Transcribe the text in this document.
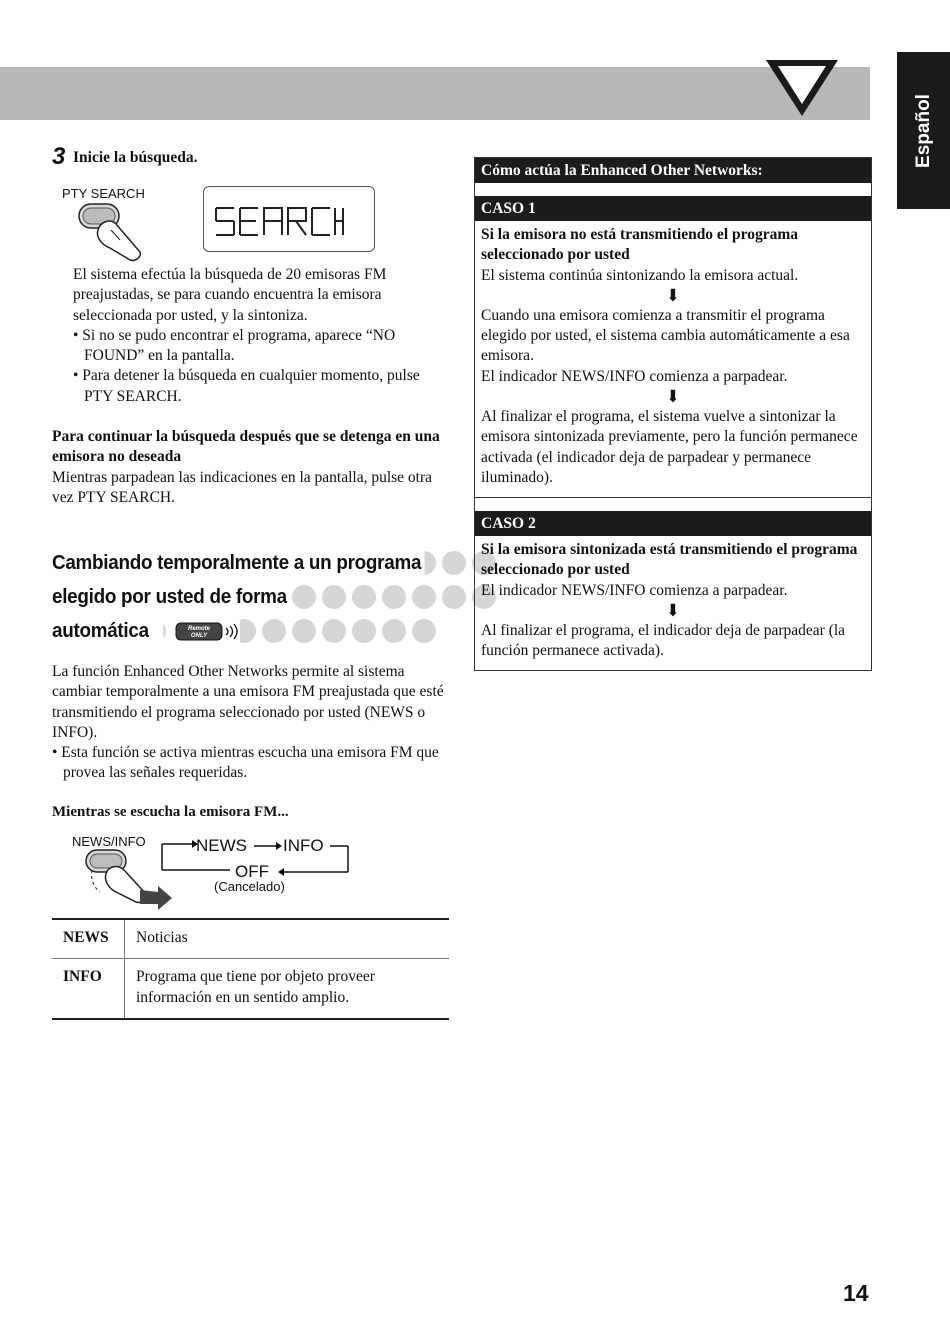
Español
3 Inicie la búsqueda.
PTY SEARCH

El sistema efectúa la búsqueda de 20 emisoras FM preajustadas, se para cuando encuentra la emisora seleccionada por usted, y la sintoniza.

• Si no se pudo encontrar el programa, aparece “NO FOUND” en la pantalla.

• Para detener la búsqueda en cualquier momento, pulse PTY SEARCH.

Para continuar la búsqueda después que se detenga en una emisora no deseada

Mientras parpadean las indicaciones en la pantalla, pulse otra vez PTY SEARCH.

Cambiando temporalmente a un programa
elegido por usted de forma
automática	Remote
ONLY

La función Enhanced Other Networks permite al sistema cambiar temporalmente a una emisora FM preajustada que esté transmitiendo el programa seleccionado por usted (NEWS o INFO).

• Esta función se activa mientras escucha una emisora FM que provea las señales requeridas.

Mientras se escucha la emisora FM...
NEWS/INFO	NEWS INFO
OFF
(Cancelado)
NEWS	Noticias
INFO	Programa que tiene por objeto proveer información en un sentido amplio.
Cómo actúa la Enhanced Other Networks:
CASO 1

Si la emisora no está transmitiendo el programa seleccionado por usted

El sistema continúa sintonizando la emisora actual.

⬇

Cuando una emisora comienza a transmitir el programa elegido por usted, el sistema cambia automáticamente a esa emisora.

El indicador NEWS/INFO comienza a parpadear.

⬇

Al finalizar el programa, el sistema vuelve a sintonizar la emisora sintonizada previamente, pero la función permanece activada (el indicador deja de parpadear y permanece iluminado).

CASO 2

Si la emisora sintonizada está transmitiendo el programa seleccionado por usted

El indicador NEWS/INFO comienza a parpadear.

⬇

Al finalizar el programa, el indicador deja de parpadear (la función permanece activada).

14
